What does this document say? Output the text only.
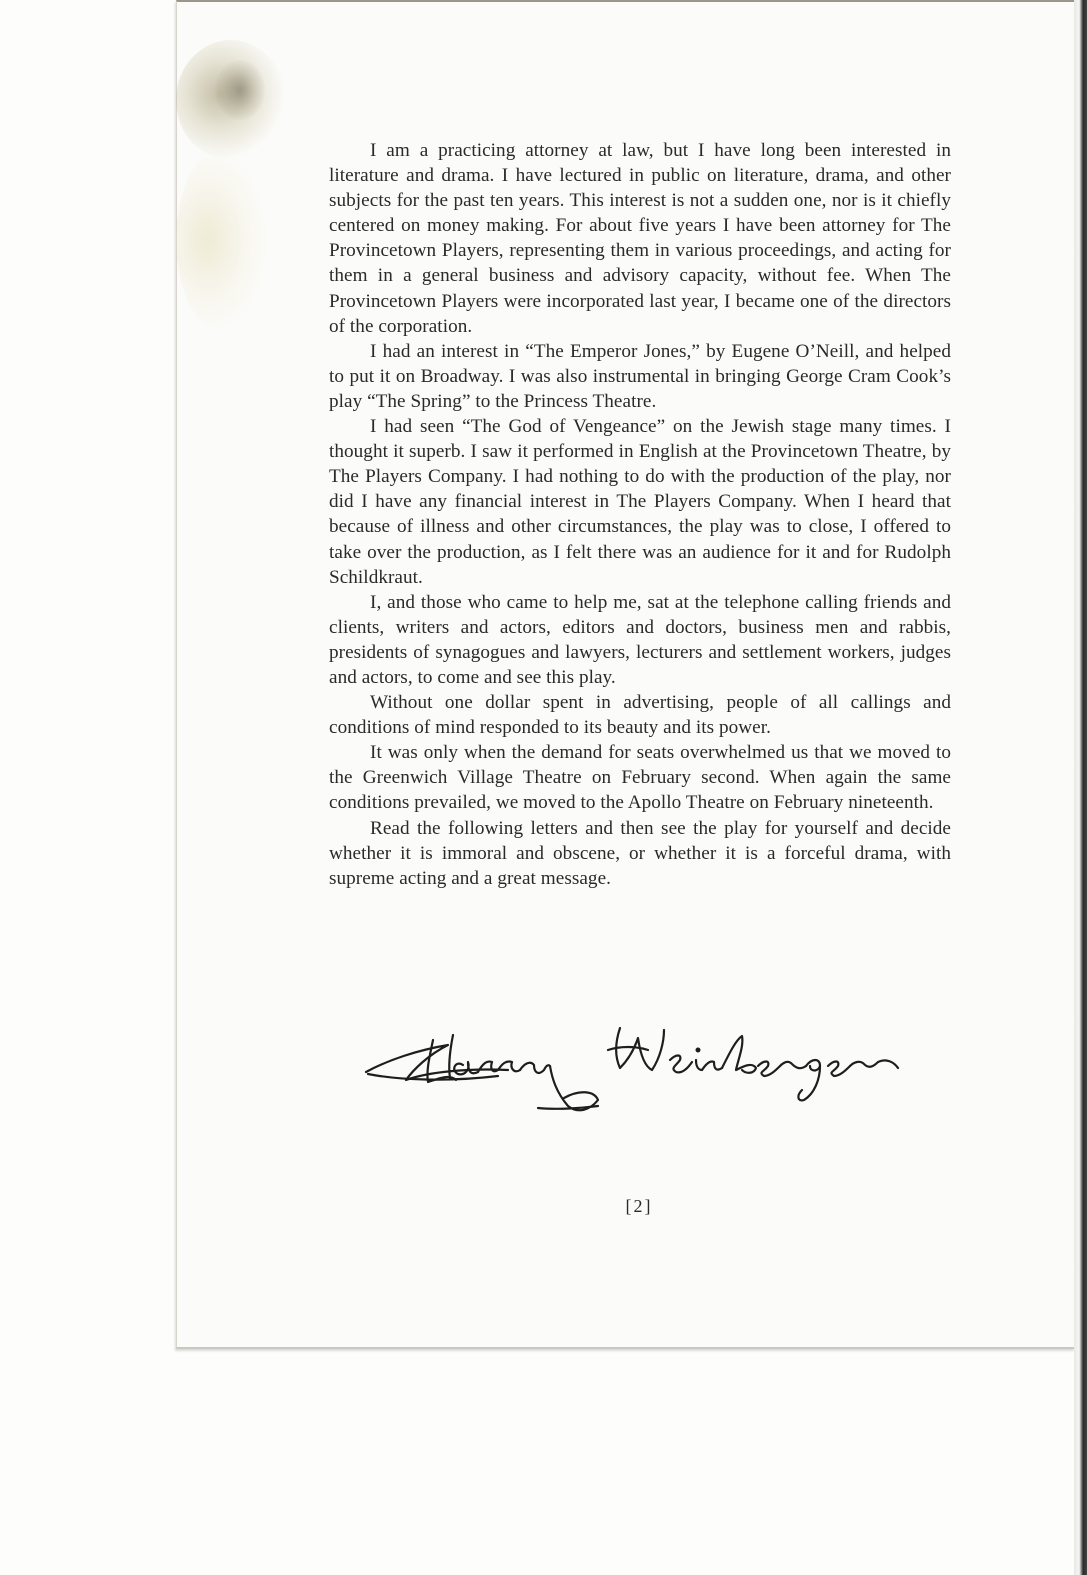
I am a practicing attorney at law, but I have long been interested in literature and drama. I have lectured in public on literature, drama, and other subjects for the past ten years. This interest is not a sudden one, nor is it chiefly centered on money making. For about five years I have been attorney for The Provincetown Players, representing them in various proceedings, and acting for them in a general business and advisory capacity, without fee. When The Provincetown Players were incorporated last year, I became one of the directors of the corporation.

I had an interest in “The Emperor Jones,” by Eugene O’Neill, and helped to put it on Broadway. I was also instrumental in bringing George Cram Cook’s play “The Spring” to the Princess Theatre.

I had seen “The God of Vengeance” on the Jewish stage many times. I thought it superb. I saw it performed in English at the Provincetown Theatre, by The Players Company. I had nothing to do with the production of the play, nor did I have any financial interest in The Players Company. When I heard that because of illness and other circumstances, the play was to close, I offered to take over the production, as I felt there was an audience for it and for Rudolph Schildkraut.

I, and those who came to help me, sat at the telephone calling friends and clients, writers and actors, editors and doctors, business men and rabbis, presidents of synagogues and lawyers, lecturers and settlement workers, judges and actors, to come and see this play.

Without one dollar spent in advertising, people of all callings and conditions of mind responded to its beauty and its power.

It was only when the demand for seats overwhelmed us that we moved to the Greenwich Village Theatre on February second. When again the same conditions prevailed, we moved to the Apollo Theatre on February nineteenth.

Read the following letters and then see the play for yourself and decide whether it is immoral and obscene, or whether it is a forceful drama, with supreme acting and a great message.

[2]
